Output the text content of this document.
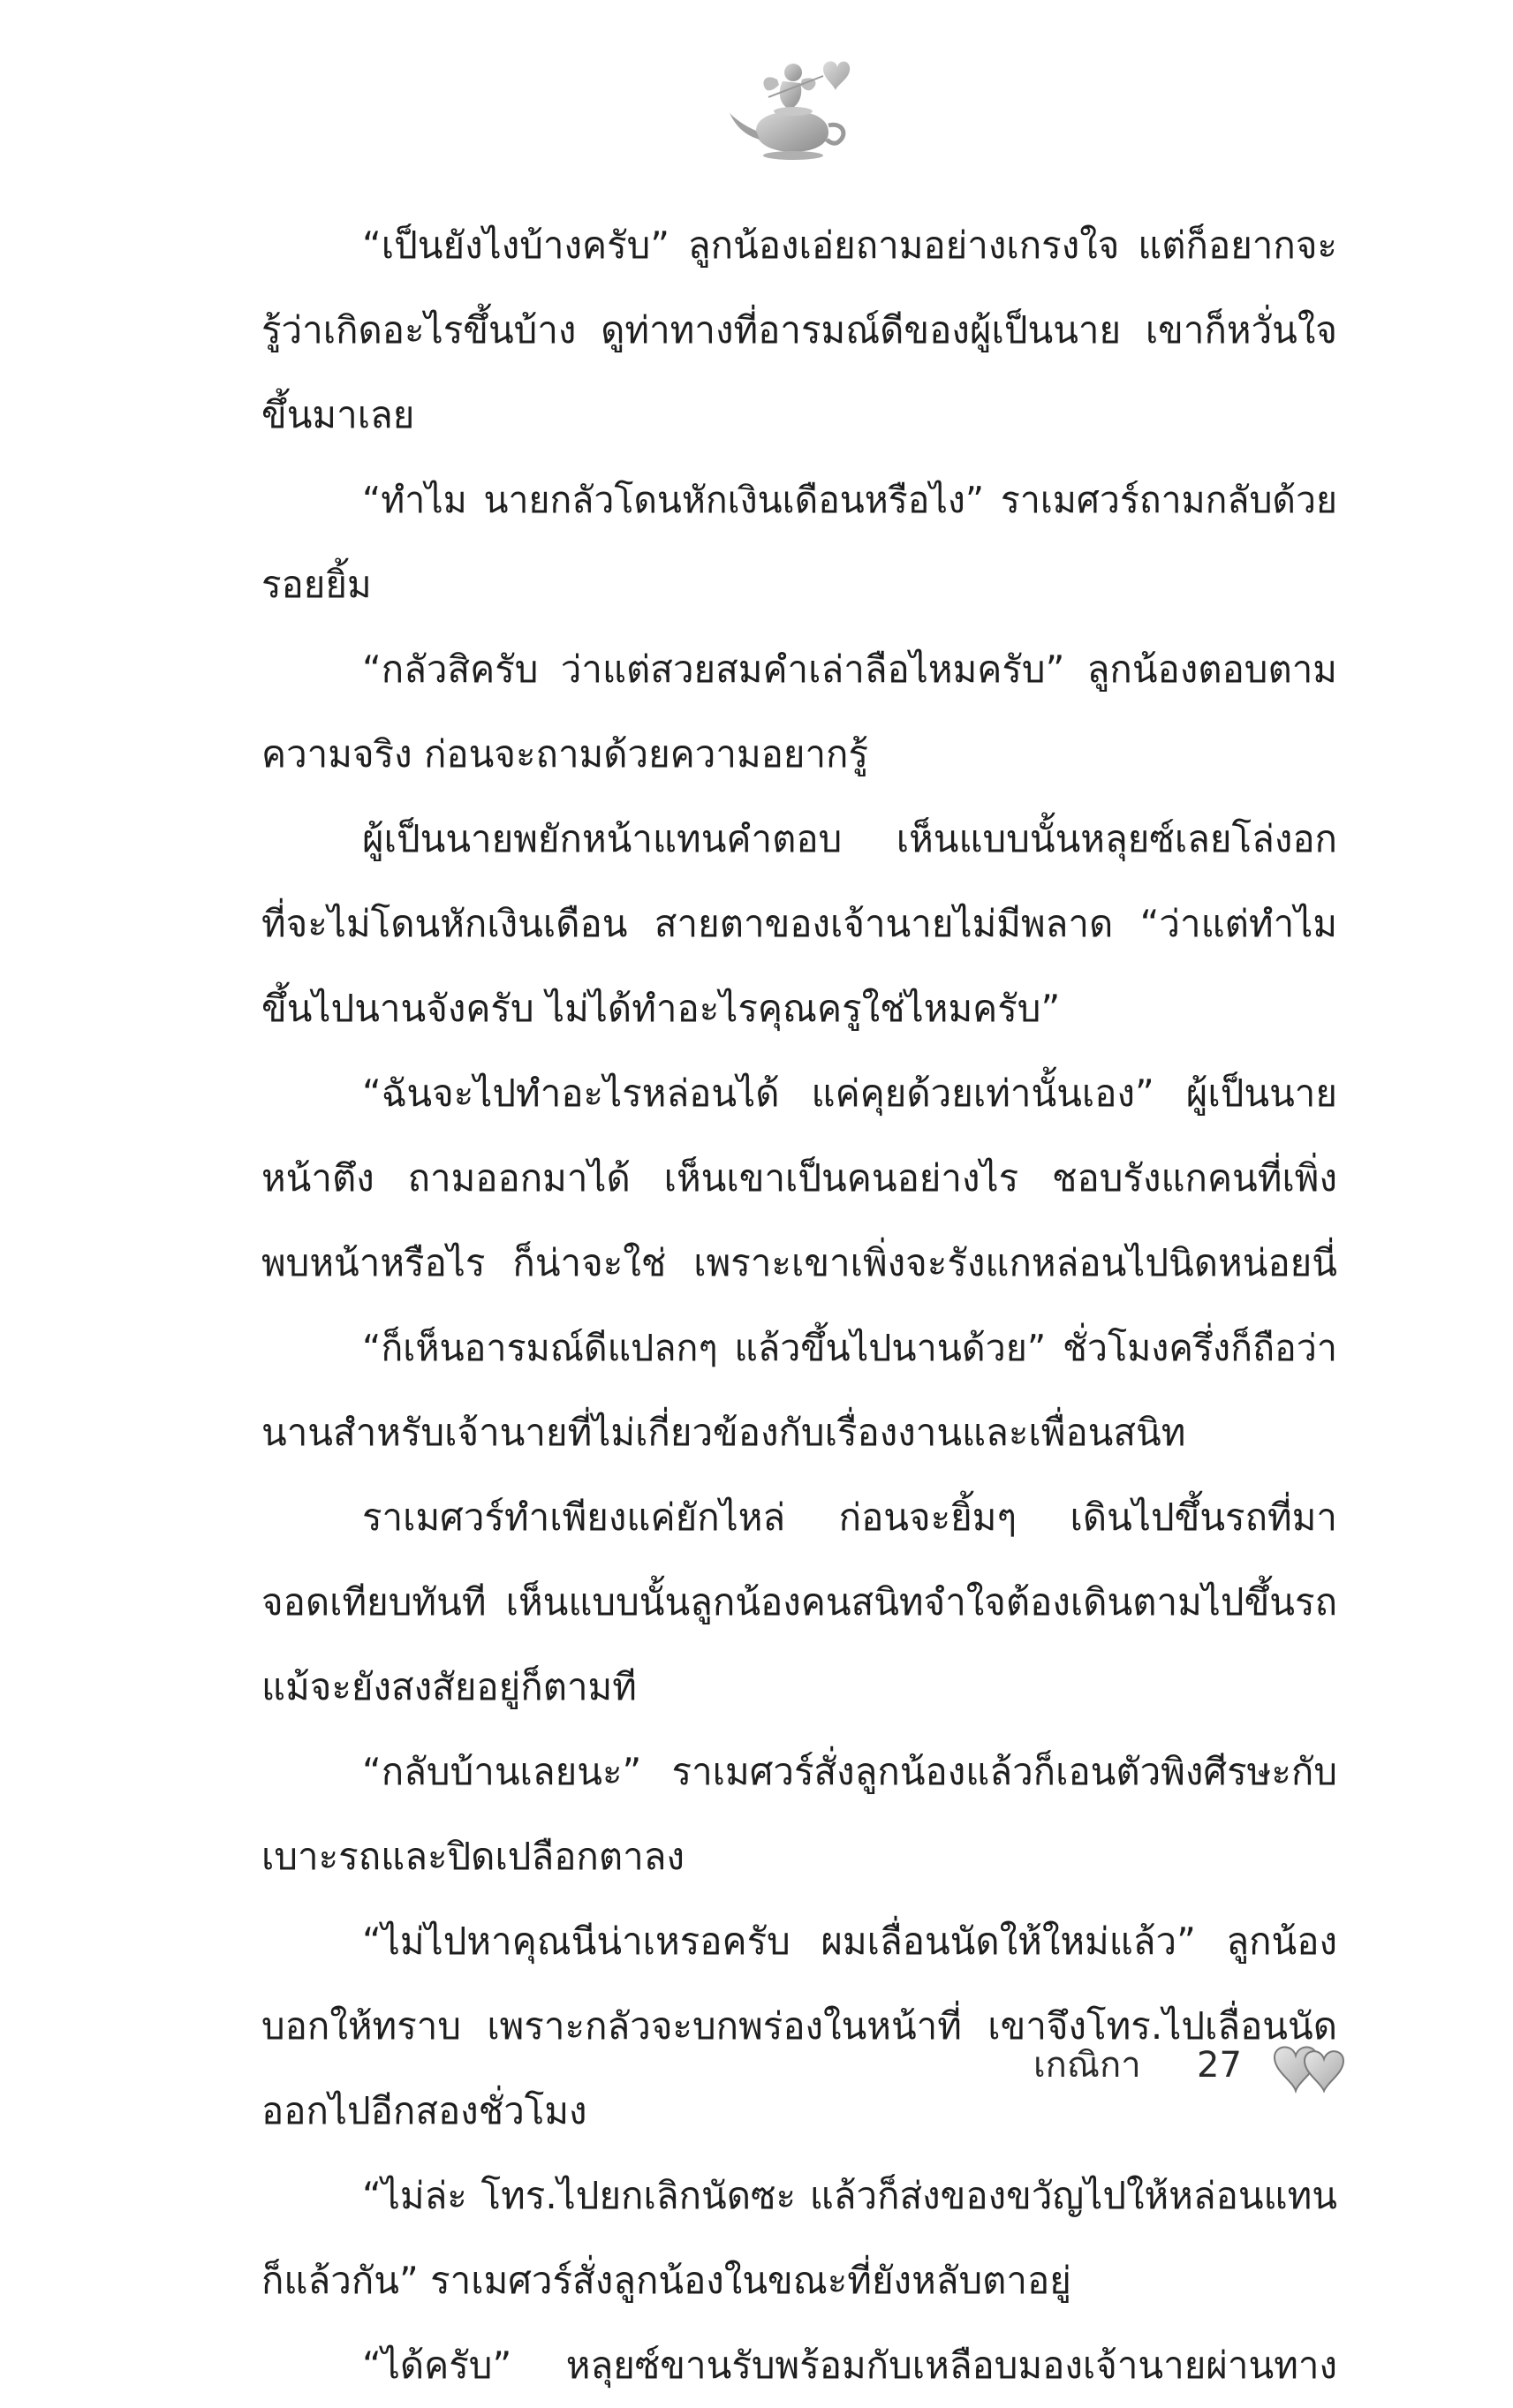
“เป็นยังไงบ้างครับ” ลูกน้องเอ่ยถามอย่างเกรงใจ แต่ก็อยากจะ
รู้ว่าเกิดอะไรขึ้นบ้าง ดูท่าทางที่อารมณ์ดีของผู้เป็นนาย เขาก็หวั่นใจ
ขึ้นมาเลย
“ทำไม นายกลัวโดนหักเงินเดือนหรือไง” ราเมศวร์ถามกลับด้วย
รอยยิ้ม
“กลัวสิครับ ว่าแต่สวยสมคำเล่าลือไหมครับ” ลูกน้องตอบตาม
ความจริง ก่อนจะถามด้วยความอยากรู้
ผู้เป็นนายพยักหน้าแทนคำตอบ เห็นแบบนั้นหลุยซ์เลยโล่งอก
ที่จะไม่โดนหักเงินเดือน สายตาของเจ้านายไม่มีพลาด “ว่าแต่ทำไม
ขึ้นไปนานจังครับ ไม่ได้ทำอะไรคุณครูใช่ไหมครับ”
“ฉันจะไปทำอะไรหล่อนได้ แค่คุยด้วยเท่านั้นเอง” ผู้เป็นนาย
หน้าตึง ถามออกมาได้ เห็นเขาเป็นคนอย่างไร ชอบรังแกคนที่เพิ่ง
พบหน้าหรือไร ก็น่าจะใช่ เพราะเขาเพิ่งจะรังแกหล่อนไปนิดหน่อยนี่
“ก็เห็นอารมณ์ดีแปลกๆ แล้วขึ้นไปนานด้วย” ชั่วโมงครึ่งก็ถือว่า
นานสำหรับเจ้านายที่ไม่เกี่ยวข้องกับเรื่องงานและเพื่อนสนิท
ราเมศวร์ทำเพียงแค่ยักไหล่ ก่อนจะยิ้มๆ เดินไปขึ้นรถที่มา
จอดเทียบทันที เห็นแบบนั้นลูกน้องคนสนิทจำใจต้องเดินตามไปขึ้นรถ
แม้จะยังสงสัยอยู่ก็ตามที
“กลับบ้านเลยนะ” ราเมศวร์สั่งลูกน้องแล้วก็เอนตัวพิงศีรษะกับ
เบาะรถและปิดเปลือกตาลง
“ไม่ไปหาคุณนีน่าเหรอครับ ผมเลื่อนนัดให้ใหม่แล้ว” ลูกน้อง
บอกให้ทราบ เพราะกลัวจะบกพร่องในหน้าที่ เขาจึงโทร.ไปเลื่อนนัด
ออกไปอีกสองชั่วโมง
“ไม่ล่ะ โทร.ไปยกเลิกนัดซะ แล้วก็ส่งของขวัญไปให้หล่อนแทน
ก็แล้วกัน” ราเมศวร์สั่งลูกน้องในขณะที่ยังหลับตาอยู่
“ได้ครับ” หลุยซ์ขานรับพร้อมกับเหลือบมองเจ้านายผ่านทาง
เกณิกา 27
